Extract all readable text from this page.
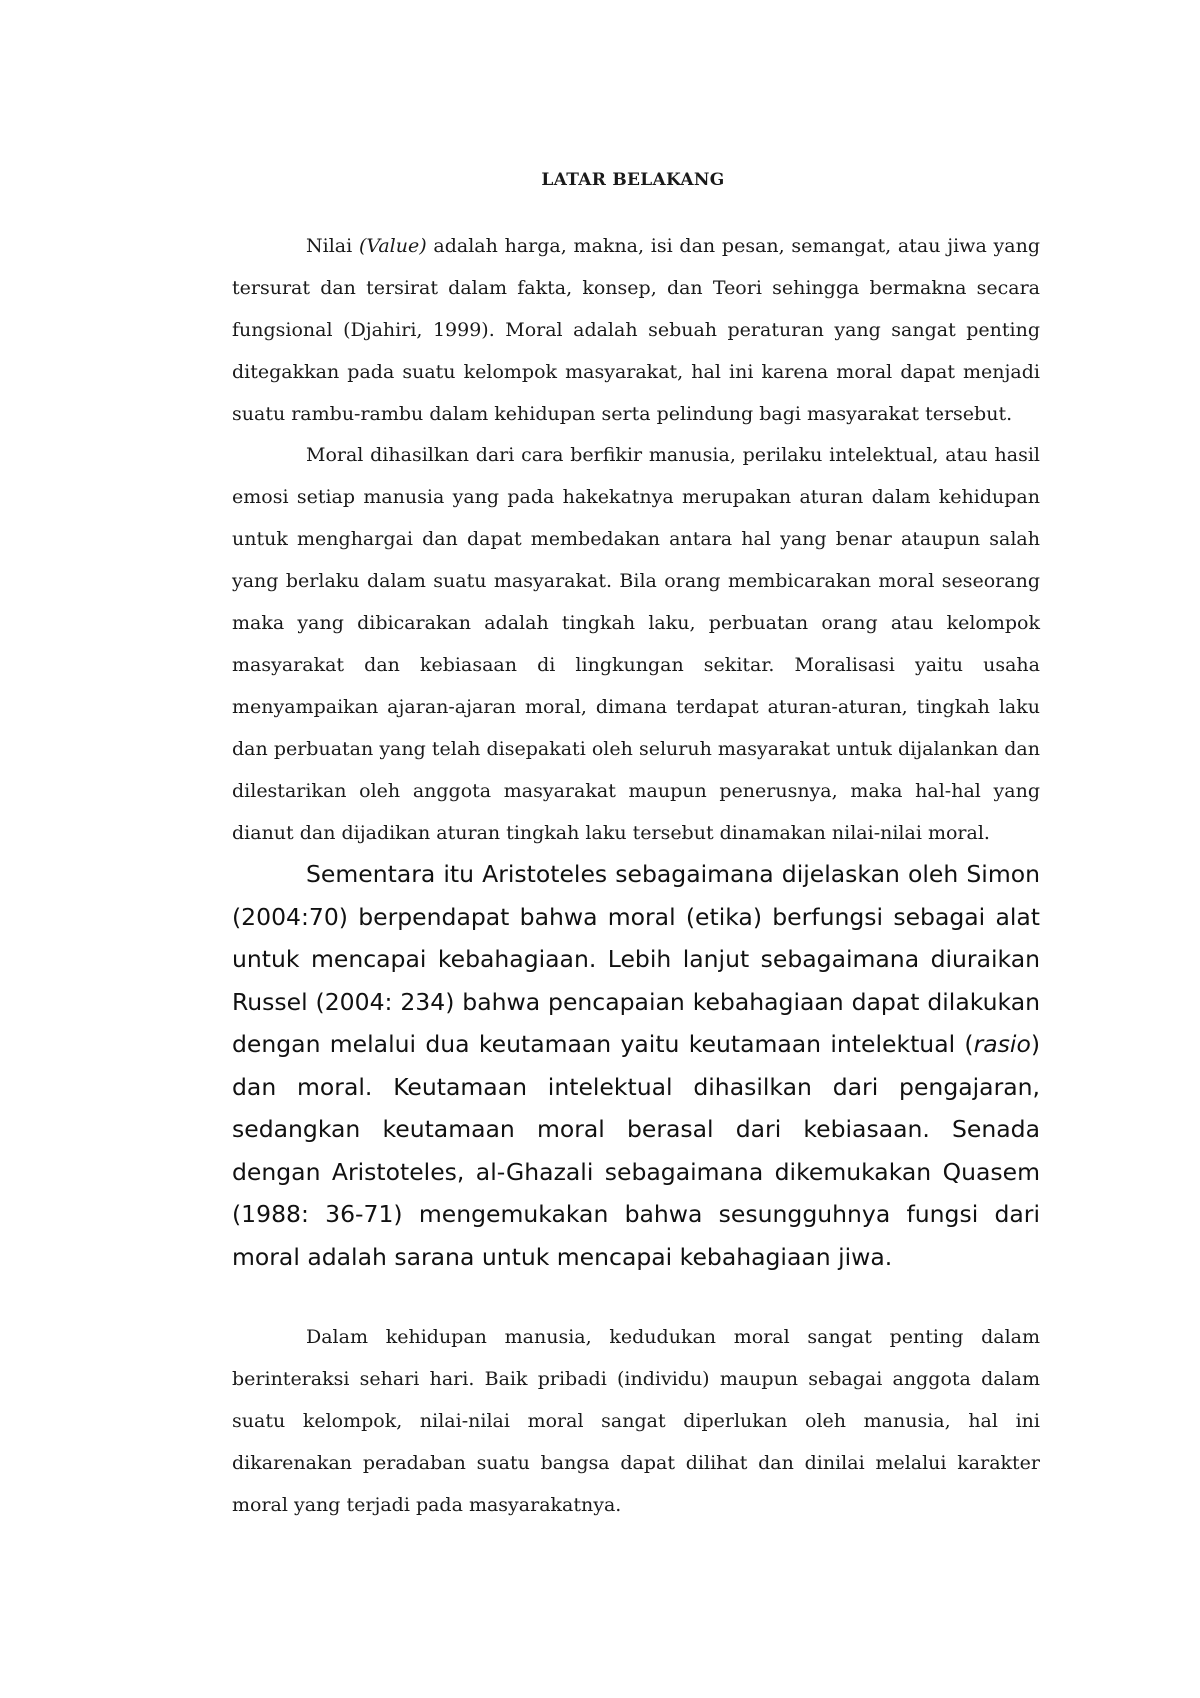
LATAR BELAKANG

Nilai (Value) adalah harga, makna, isi dan pesan, semangat, atau jiwa yang tersurat dan tersirat dalam fakta, konsep, dan Teori sehingga bermakna secara fungsional (Djahiri, 1999). Moral adalah sebuah peraturan yang sangat penting ditegakkan pada suatu kelompok masyarakat, hal ini karena moral dapat menjadi suatu rambu-rambu dalam kehidupan serta pelindung bagi masyarakat tersebut.

Moral dihasilkan dari cara berfikir manusia, perilaku intelektual, atau hasil emosi setiap manusia yang pada hakekatnya merupakan aturan dalam kehidupan untuk menghargai dan dapat membedakan antara hal yang benar ataupun salah yang berlaku dalam suatu masyarakat. Bila orang membicarakan moral seseorang maka yang dibicarakan adalah tingkah laku, perbuatan orang atau kelompok masyarakat dan kebiasaan di lingkungan sekitar. Moralisasi yaitu usaha menyampaikan ajaran-ajaran moral, dimana terdapat aturan-aturan, tingkah laku dan perbuatan yang telah disepakati oleh seluruh masyarakat untuk dijalankan dan dilestarikan oleh anggota masyarakat maupun penerusnya, maka hal-hal yang dianut dan dijadikan aturan tingkah laku tersebut dinamakan nilai-nilai moral.

Sementara itu Aristoteles sebagaimana dijelaskan oleh Simon (2004:70) berpendapat bahwa moral (etika) berfungsi sebagai alat untuk mencapai kebahagiaan. Lebih lanjut sebagaimana diuraikan Russel (2004: 234) bahwa pencapaian kebahagiaan dapat dilakukan dengan melalui dua keutamaan yaitu keutamaan intelektual (rasio) dan moral. Keutamaan intelektual dihasilkan dari pengajaran, sedangkan keutamaan moral berasal dari kebiasaan. Senada dengan Aristoteles, al-Ghazali sebagaimana dikemukakan Quasem (1988: 36-71) mengemukakan bahwa sesungguhnya fungsi dari moral adalah sarana untuk mencapai kebahagiaan jiwa.

Dalam kehidupan manusia, kedudukan moral sangat penting dalam berinteraksi sehari hari. Baik pribadi (individu) maupun sebagai anggota dalam suatu kelompok, nilai-nilai moral sangat diperlukan oleh manusia, hal ini dikarenakan peradaban suatu bangsa dapat dilihat dan dinilai melalui karakter moral yang terjadi pada masyarakatnya.
